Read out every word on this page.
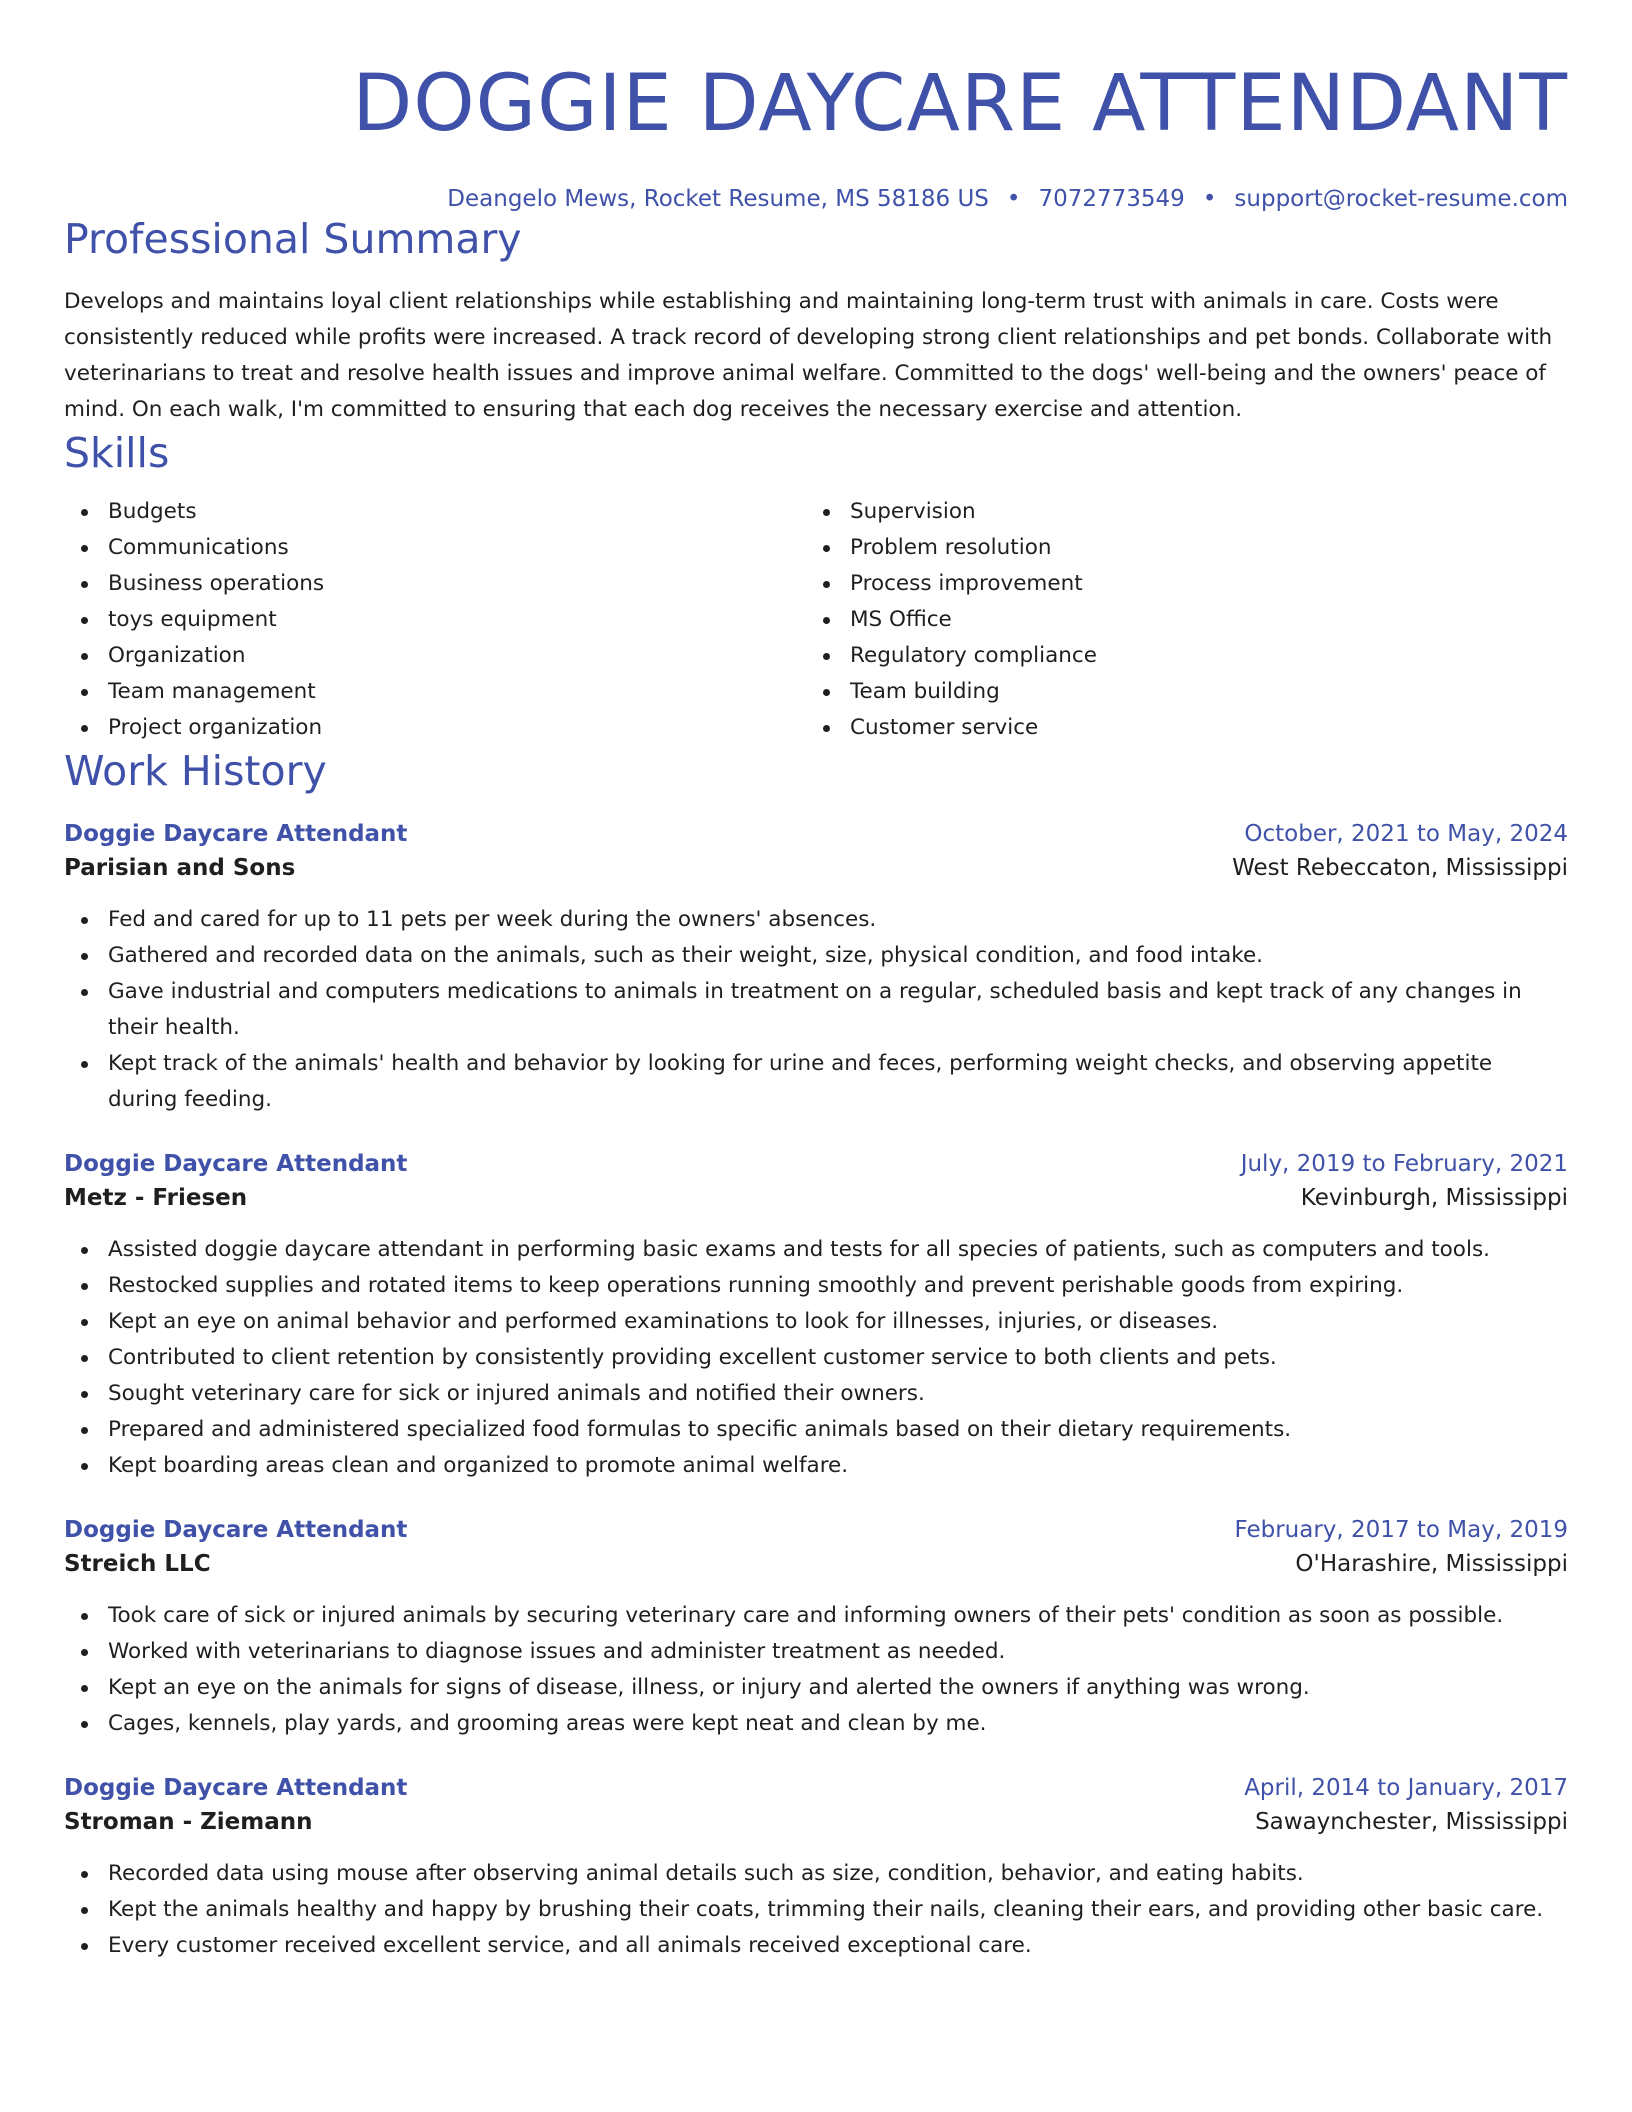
DOGGIE DAYCARE ATTENDANT
Deangelo Mews, Rocket Resume, MS 58186 US • 7072773549 • support@rocket-resume.com
Professional Summary
Develops and maintains loyal client relationships while establishing and maintaining long-term trust with animals in care. Costs were consistently reduced while profits were increased. A track record of developing strong client relationships and pet bonds. Collaborate with veterinarians to treat and resolve health issues and improve animal welfare. Committed to the dogs' well-being and the owners' peace of mind. On each walk, I'm committed to ensuring that each dog receives the necessary exercise and attention.
Skills
Budgets
Communications
Business operations
toys equipment
Organization
Team management
Project organization
Supervision
Problem resolution
Process improvement
MS Office
Regulatory compliance
Team building
Customer service
Work History
Doggie Daycare Attendant	October, 2021 to May, 2024
Parisian and Sons	West Rebeccaton, Mississippi
Fed and cared for up to 11 pets per week during the owners' absences.
Gathered and recorded data on the animals, such as their weight, size, physical condition, and food intake.
Gave industrial and computers medications to animals in treatment on a regular, scheduled basis and kept track of any changes in their health.
Kept track of the animals' health and behavior by looking for urine and feces, performing weight checks, and observing appetite during feeding.
Doggie Daycare Attendant	July, 2019 to February, 2021
Metz - Friesen	Kevinburgh, Mississippi
Assisted doggie daycare attendant in performing basic exams and tests for all species of patients, such as computers and tools.
Restocked supplies and rotated items to keep operations running smoothly and prevent perishable goods from expiring.
Kept an eye on animal behavior and performed examinations to look for illnesses, injuries, or diseases.
Contributed to client retention by consistently providing excellent customer service to both clients and pets.
Sought veterinary care for sick or injured animals and notified their owners.
Prepared and administered specialized food formulas to specific animals based on their dietary requirements.
Kept boarding areas clean and organized to promote animal welfare.
Doggie Daycare Attendant	February, 2017 to May, 2019
Streich LLC	O'Harashire, Mississippi
Took care of sick or injured animals by securing veterinary care and informing owners of their pets' condition as soon as possible.
Worked with veterinarians to diagnose issues and administer treatment as needed.
Kept an eye on the animals for signs of disease, illness, or injury and alerted the owners if anything was wrong.
Cages, kennels, play yards, and grooming areas were kept neat and clean by me.
Doggie Daycare Attendant	April, 2014 to January, 2017
Stroman - Ziemann	Sawaynchester, Mississippi
Recorded data using mouse after observing animal details such as size, condition, behavior, and eating habits.
Kept the animals healthy and happy by brushing their coats, trimming their nails, cleaning their ears, and providing other basic care.
Every customer received excellent service, and all animals received exceptional care.
